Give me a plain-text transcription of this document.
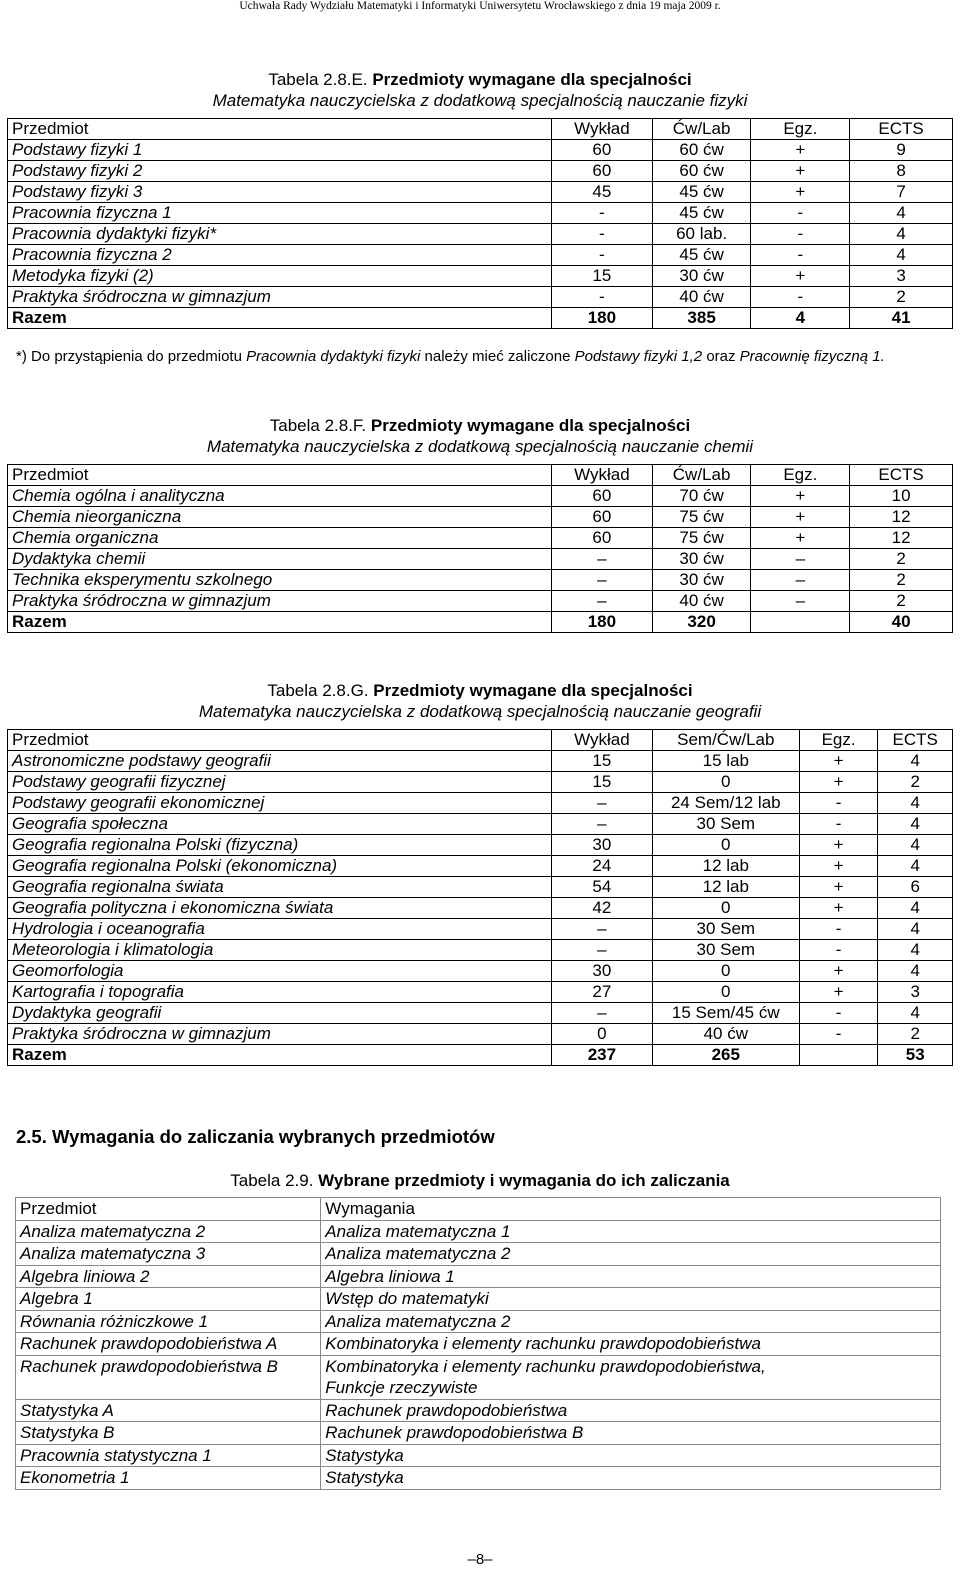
Uchwała Rady Wydziału Matematyki i Informatyki Uniwersytetu Wrocławskiego z dnia 19 maja 2009 r.
Tabela 2.8.E. Przedmioty wymagane dla specjalności
Matematyka nauczycielska z dodatkową specjalnością nauczanie fizyki
Przedmiot	Wykład	Ćw/Lab	Egz.	ECTS
Podstawy fizyki 1	60	60 ćw	+	9
Podstawy fizyki 2	60	60 ćw	+	8
Podstawy fizyki 3	45	45 ćw	+	7
Pracownia fizyczna 1	-	45 ćw	-	4
Pracownia dydaktyki fizyki*	-	60 lab.	-	4
Pracownia fizyczna 2	-	45 ćw	-	4
Metodyka fizyki (2)	15	30 ćw	+	3
Praktyka śródroczna w gimnazjum	-	40 ćw	-	2
Razem	180	385	4	41
*) Do przystąpienia do przedmiotu Pracownia dydaktyki fizyki należy mieć zaliczone Podstawy fizyki 1,2 oraz Pracownię fizyczną 1.
Tabela 2.8.F. Przedmioty wymagane dla specjalności
Matematyka nauczycielska z dodatkową specjalnością nauczanie chemii
Przedmiot	Wykład	Ćw/Lab	Egz.	ECTS
Chemia ogólna i analityczna	60	70 ćw	+	10
Chemia nieorganiczna	60	75 ćw	+	12
Chemia organiczna	60	75 ćw	+	12
Dydaktyka chemii	–	30 ćw	–	2
Technika eksperymentu szkolnego	–	30 ćw	–	2
Praktyka śródroczna w gimnazjum	–	40 ćw	–	2
Razem	180	320		40
Tabela 2.8.G. Przedmioty wymagane dla specjalności
Matematyka nauczycielska z dodatkową specjalnością nauczanie geografii
Przedmiot	Wykład	Sem/Ćw/Lab	Egz.	ECTS
Astronomiczne podstawy geografii	15	15 lab	+	4
Podstawy geografii fizycznej	15	0	+	2
Podstawy geografii ekonomicznej	–	24 Sem/12 lab	-	4
Geografia społeczna	–	30 Sem	-	4
Geografia regionalna Polski (fizyczna)	30	0	+	4
Geografia regionalna Polski (ekonomiczna)	24	12 lab	+	4
Geografia regionalna świata	54	12 lab	+	6
Geografia polityczna i ekonomiczna świata	42	0	+	4
Hydrologia i oceanografia	–	30 Sem	-	4
Meteorologia i klimatologia	–	30 Sem	-	4
Geomorfologia	30	0	+	4
Kartografia i topografia	27	0	+	3
Dydaktyka geografii	–	15 Sem/45 ćw	-	4
Praktyka śródroczna w gimnazjum	0	40 ćw	-	2
Razem	237	265		53
2.5. Wymagania do zaliczania wybranych przedmiotów
Tabela 2.9. Wybrane przedmioty i wymagania do ich zaliczania
Przedmiot	Wymagania
Analiza matematyczna 2	Analiza matematyczna 1
Analiza matematyczna 3	Analiza matematyczna 2
Algebra liniowa 2	Algebra liniowa 1
Algebra 1	Wstęp do matematyki
Równania różniczkowe 1	Analiza matematyczna 2
Rachunek prawdopodobieństwa A	Kombinatoryka i elementy rachunku prawdopodobieństwa
Rachunek prawdopodobieństwa B	Kombinatoryka i elementy rachunku prawdopodobieństwa,
Funkcje rzeczywiste
Statystyka A	Rachunek prawdopodobieństwa
Statystyka B	Rachunek prawdopodobieństwa B
Pracownia statystyczna 1	Statystyka
Ekonometria 1	Statystyka
–8–
